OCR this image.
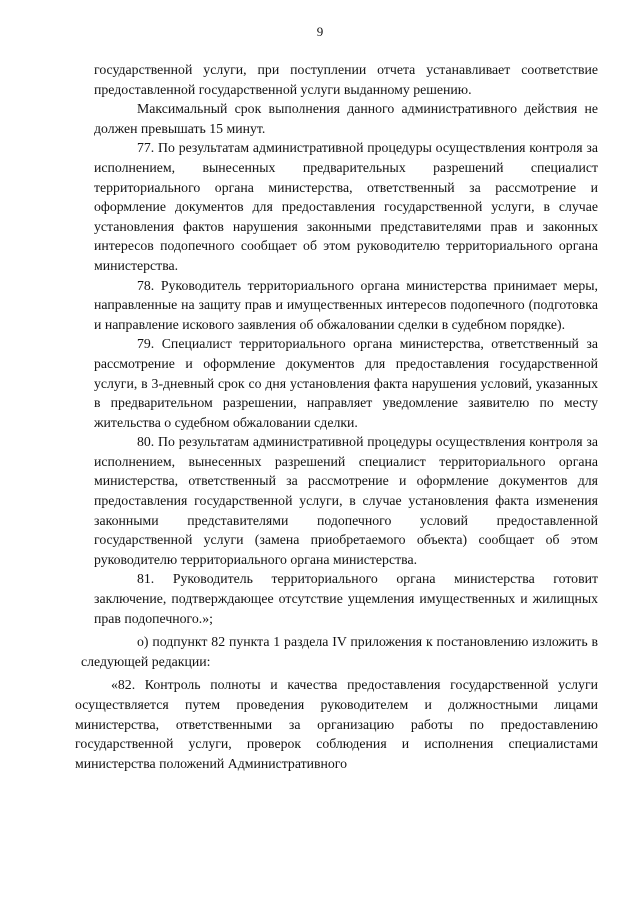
9

государственной услуги, при поступлении отчета устанавливает соответствие предоставленной государственной услуги выданному решению.

Максимальный срок выполнения данного административного действия не должен превышать 15 минут.

77. По результатам административной процедуры осуществления контроля за исполнением, вынесенных предварительных разрешений специалист территориального органа министерства, ответственный за рассмотрение и оформление документов для предоставления государственной услуги, в случае установления фактов нарушения законными представителями прав и законных интересов подопечного сообщает об этом руководителю территориального органа министерства.

78. Руководитель территориального органа министерства принимает меры, направленные на защиту прав и имущественных интересов подопечного (подготовка и направление искового заявления об обжаловании сделки в судебном порядке).

79. Специалист территориального органа министерства, ответственный за рассмотрение и оформление документов для предоставления государственной услуги, в 3-дневный срок со дня установления факта нарушения условий, указанных в предварительном разрешении, направляет уведомление заявителю по месту жительства о судебном обжаловании сделки.

80. По результатам административной процедуры осуществления контроля за исполнением, вынесенных разрешений специалист территориального органа министерства, ответственный за рассмотрение и оформление документов для предоставления государственной услуги, в случае установления факта изменения законными представителями подопечного условий предоставленной государственной услуги (замена приобретаемого объекта) сообщает об этом руководителю территориального органа министерства.

81. Руководитель территориального органа министерства готовит заключение, подтверждающее отсутствие ущемления имущественных и жилищных прав подопечного.»;

о) подпункт 82 пункта 1 раздела IV приложения к постановлению изложить в следующей редакции:

«82. Контроль полноты и качества предоставления государственной услуги осуществляется путем проведения руководителем и должностными лицами министерства, ответственными за организацию работы по предоставлению государственной услуги, проверок соблюдения и исполнения специалистами министерства положений Административного
